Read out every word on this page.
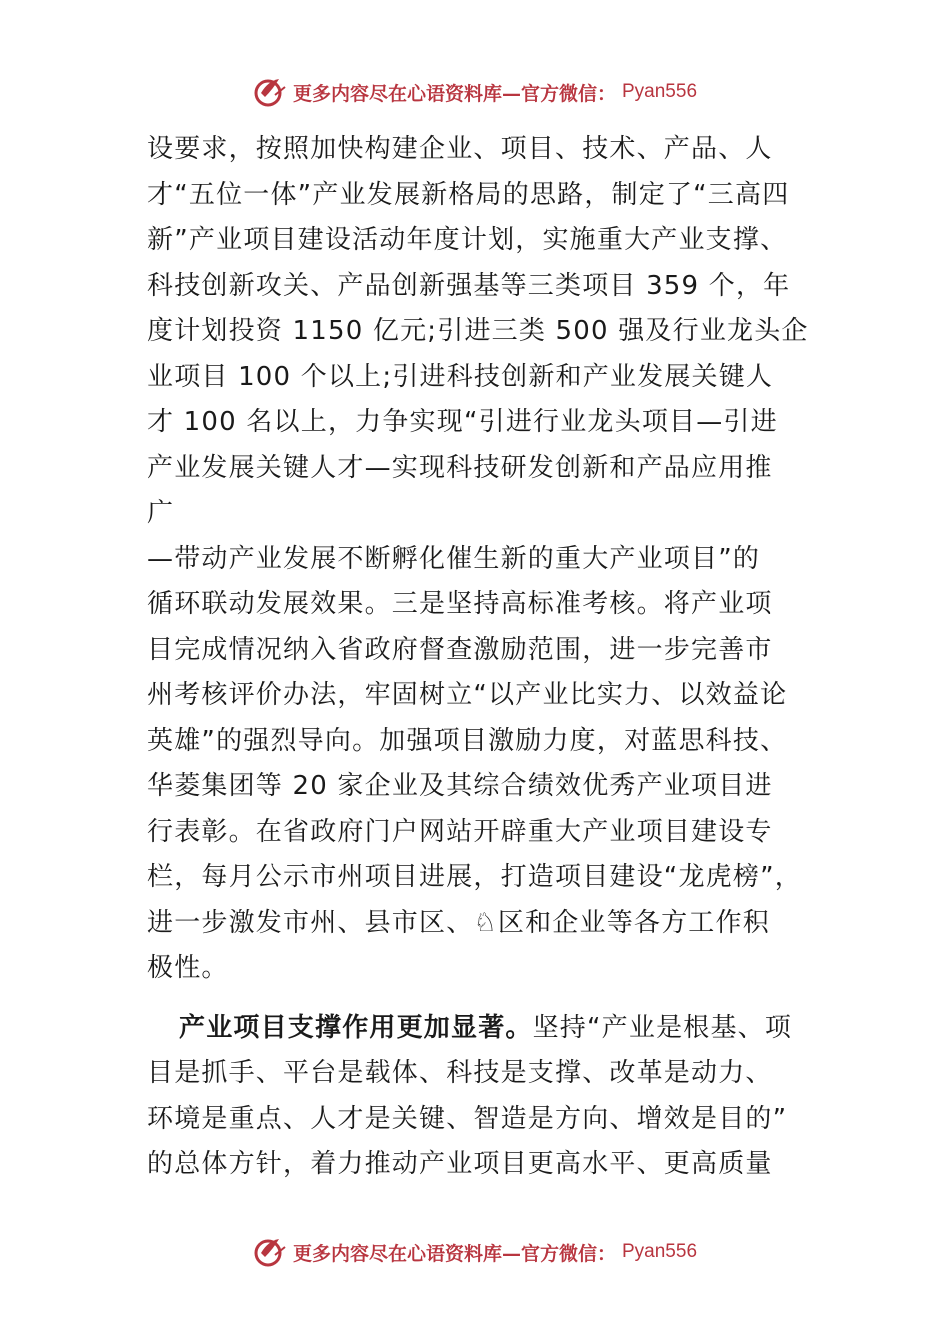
更多内容尽在心语资料库—官方微信： Pyan556
设要求，按照加快构建企业、项目、技术、产品、人
才“五位一体”产业发展新格局的思路，制定了“三高四
新”产业项目建设活动年度计划，实施重大产业支撑、
科技创新攻关、产品创新强基等三类项目 359 个，年
度计划投资 1150 亿元;引进三类 500 强及行业龙头企
业项目 100 个以上;引进科技创新和产业发展关键人
才 100 名以上，力争实现“引进行业龙头项目—引进
产业发展关键人才—实现科技研发创新和产品应用推
广
—带动产业发展不断孵化催生新的重大产业项目”的
循环联动发展效果。三是坚持高标准考核。将产业项
目完成情况纳入省政府督查激励范围，进一步完善市
州考核评价办法，牢固树立“以产业比实力、以效益论
英雄”的强烈导向。加强项目激励力度，对蓝思科技、
华菱集团等 20 家企业及其综合绩效优秀产业项目进
行表彰。在省政府门户网站开辟重大产业项目建设专
栏，每月公示市州项目进展，打造项目建设“龙虎榜”，
进一步激发市州、县市区、♘区和企业等各方工作积
极性。
产业项目支撑作用更加显著。坚持“产业是根基、项
目是抓手、平台是载体、科技是支撑、改革是动力、
环境是重点、人才是关键、智造是方向、增效是目的”
的总体方针，着力推动产业项目更高水平、更高质量
更多内容尽在心语资料库—官方微信： Pyan556
